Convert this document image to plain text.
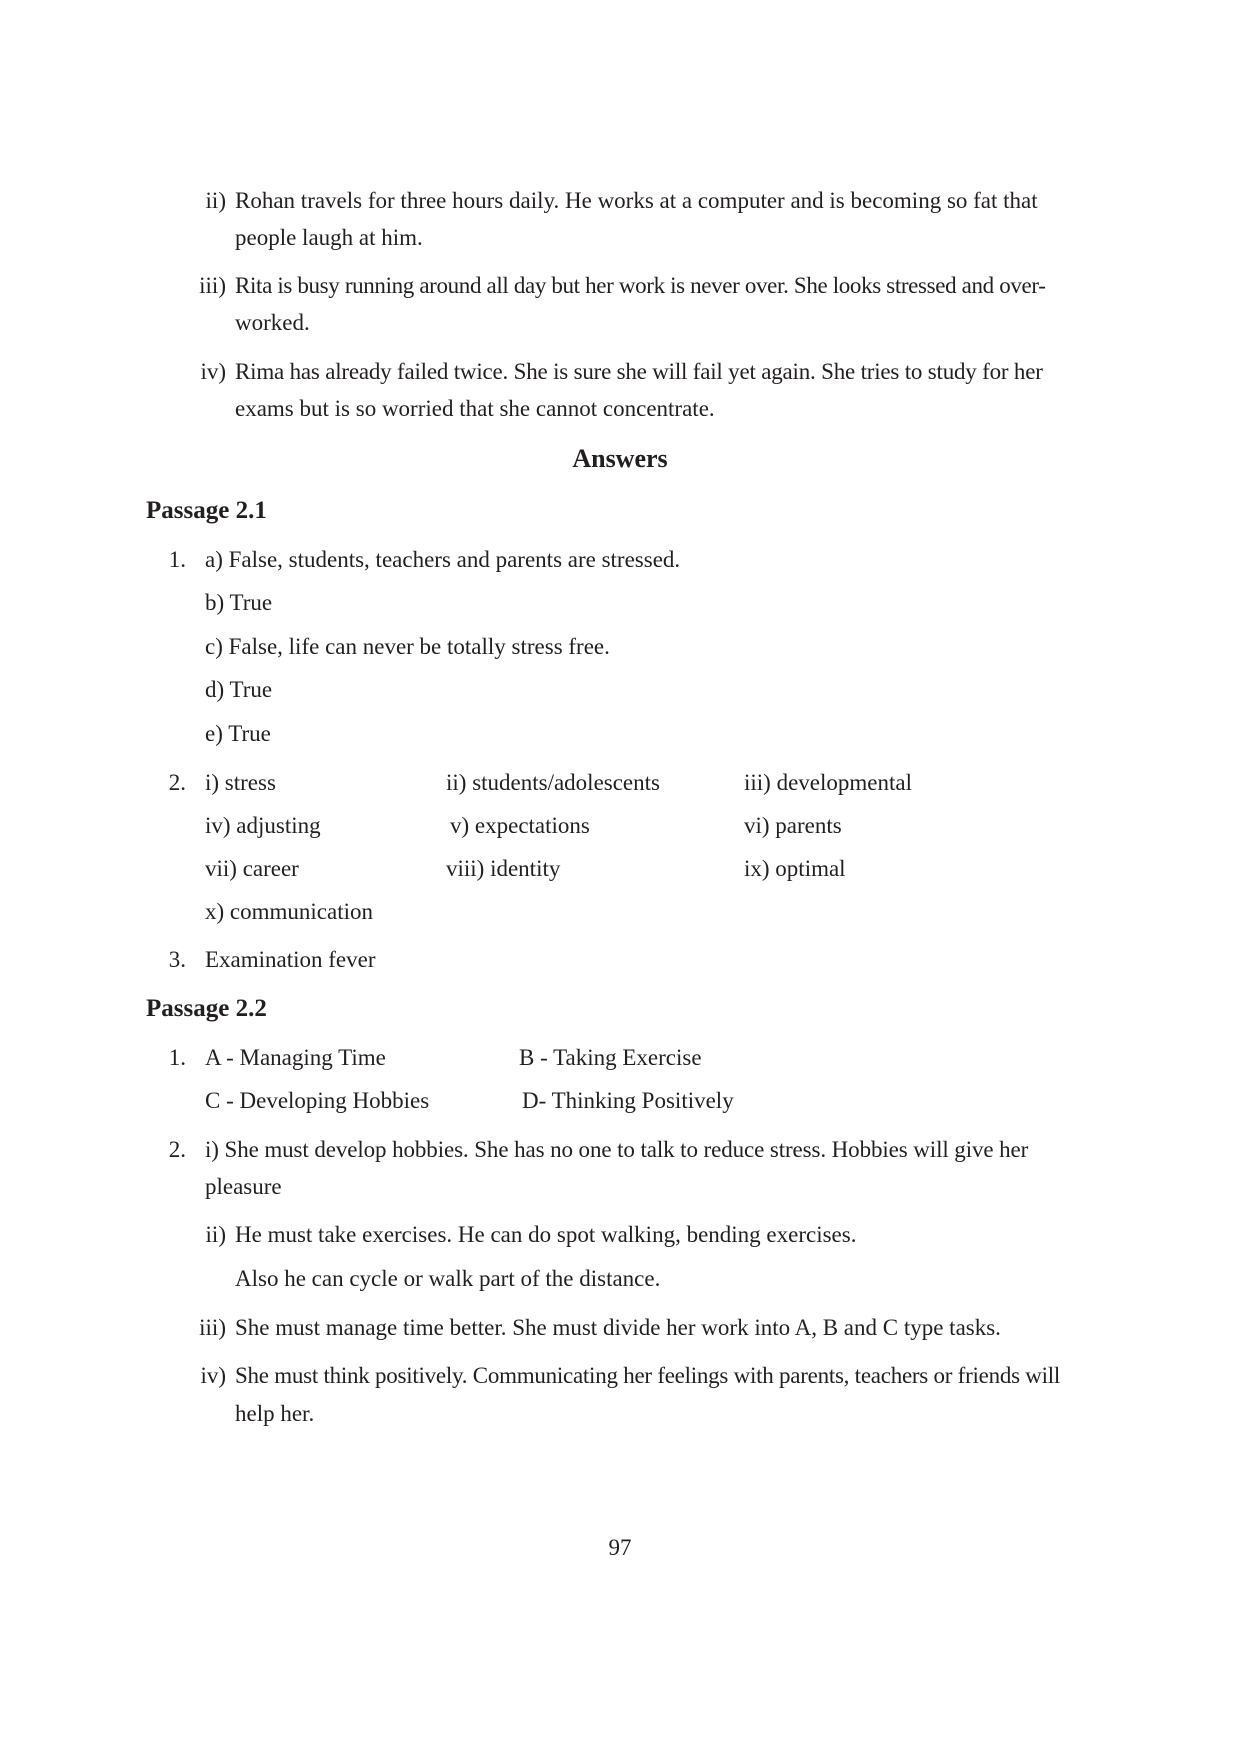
ii) Rohan travels for three hours daily. He works at a computer and is becoming so fat that
people laugh at him.
iii) Rita is busy running around all day but her work is never over. She looks stressed and over-
worked.
iv) Rima has already failed twice. She is sure she will fail yet again. She tries to study for her
exams but is so worried that she cannot concentrate.
Answers
Passage 2.1
1. a) False, students, teachers and parents are stressed.
b) True
c) False, life can never be totally stress free.
d) True
e) True
2. i) stress	ii) students/adolescents	iii) developmental
iv) adjusting	v) expectations	vi) parents
vii) career	viii) identity	ix) optimal
x) communication
3. Examination fever
Passage 2.2
1. A - Managing Time	B - Taking Exercise
C - Developing Hobbies	D- Thinking Positively
2. i) She must develop hobbies. She has no one to talk to reduce stress. Hobbies will give her
pleasure
ii) He must take exercises. He can do spot walking, bending exercises.
Also he can cycle or walk part of the distance.
iii) She must manage time better. She must divide her work into A, B and C type tasks.
iv) She must think positively. Communicating her feelings with parents, teachers or friends will
help her.
97
